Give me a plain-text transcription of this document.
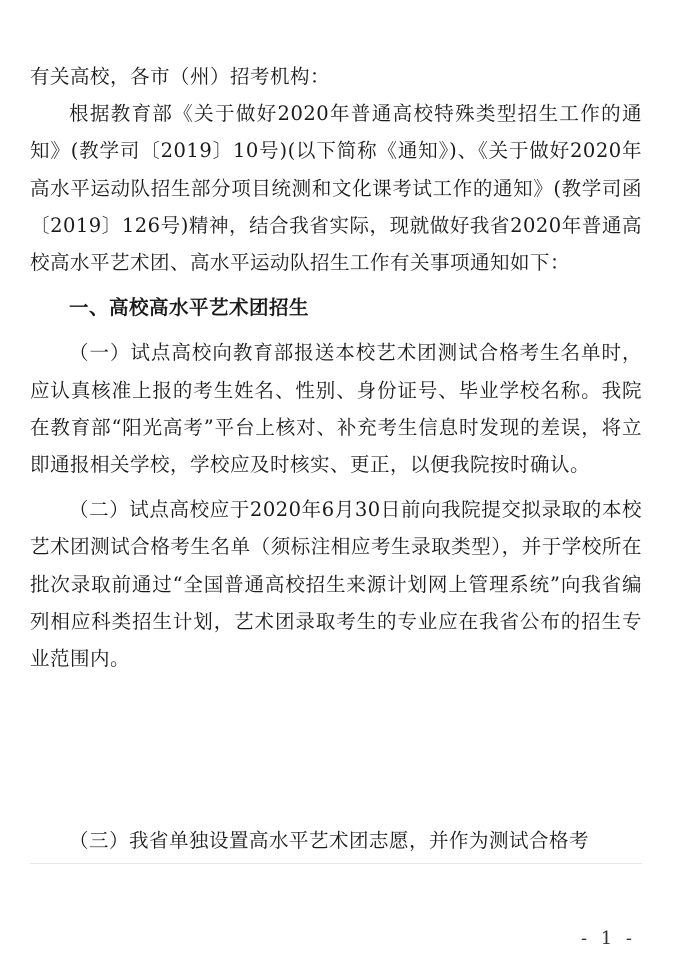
有关高校，各市（州）招考机构：

根据教育部《关于做好2020年普通高校特殊类型招生工作的通知》(教学司〔2019〕10号)(以下简称《通知》)、《关于做好2020年高水平运动队招生部分项目统测和文化课考试工作的通知》(教学司函〔2019〕126号)精神，结合我省实际，现就做好我省2020年普通高校高水平艺术团、高水平运动队招生工作有关事项通知如下：

一、高校高水平艺术团招生

（一）试点高校向教育部报送本校艺术团测试合格考生名单时，应认真核准上报的考生姓名、性别、身份证号、毕业学校名称。我院在教育部“阳光高考”平台上核对、补充考生信息时发现的差误，将立即通报相关学校，学校应及时核实、更正，以便我院按时确认。

（二）试点高校应于2020年6月30日前向我院提交拟录取的本校艺术团测试合格考生名单（须标注相应考生录取类型），并于学校所在批次录取前通过“全国普通高校招生来源计划网上管理系统”向我省编列相应科类招生计划，艺术团录取考生的专业应在我省公布的招生专业范围内。

（三）我省单独设置高水平艺术团志愿，并作为测试合格考

- 1 -
